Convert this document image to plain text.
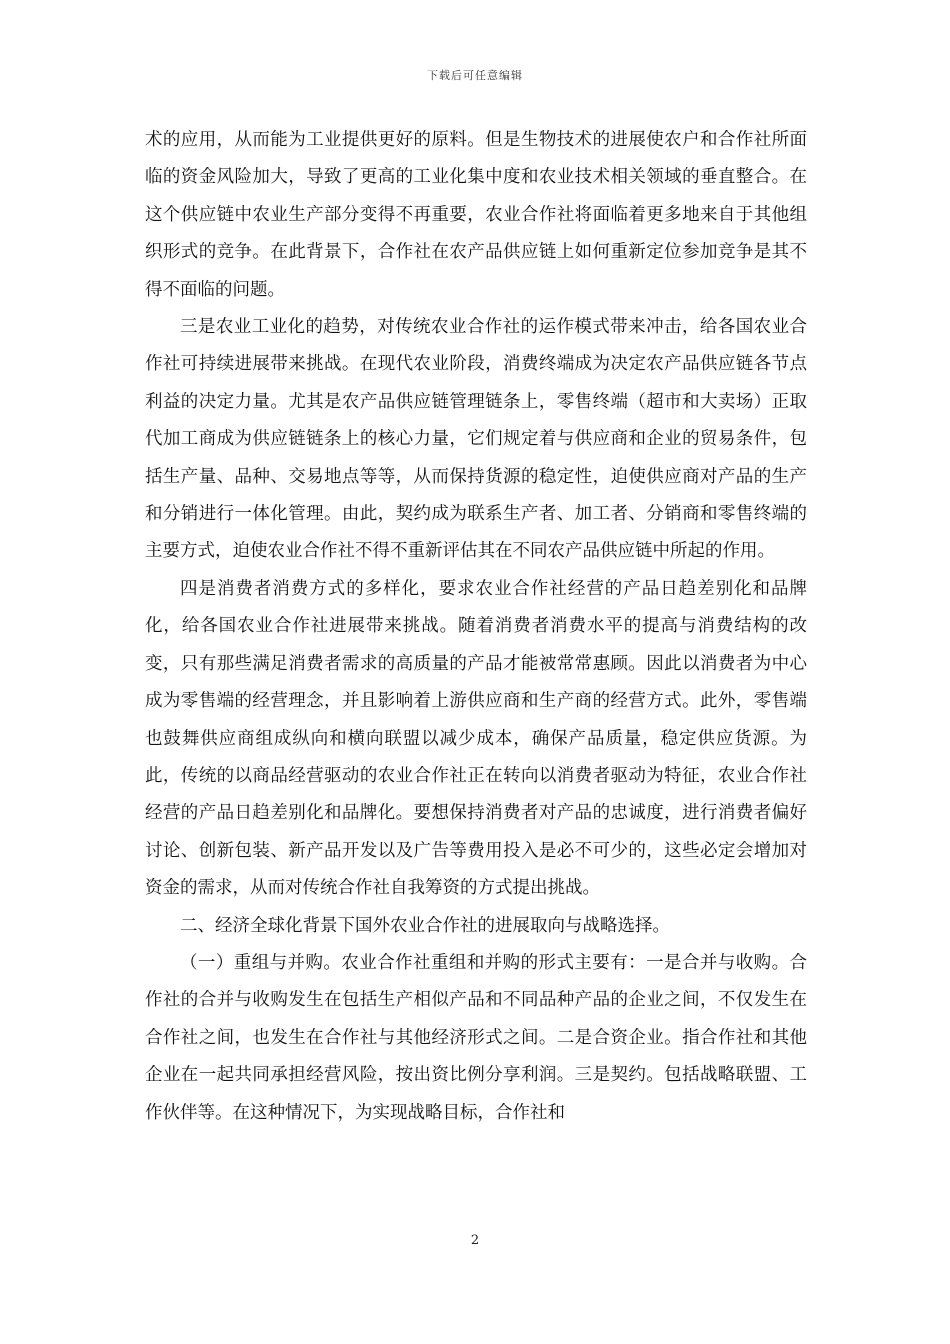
下载后可任意编辑

术的应用，从而能为工业提供更好的原料。但是生物技术的进展使农户和合作社所面临的资金风险加大，导致了更高的工业化集中度和农业技术相关领域的垂直整合。在这个供应链中农业生产部分变得不再重要，农业合作社将面临着更多地来自于其他组织形式的竞争。在此背景下，合作社在农产品供应链上如何重新定位参加竞争是其不得不面临的问题。

三是农业工业化的趋势，对传统农业合作社的运作模式带来冲击，给各国农业合作社可持续进展带来挑战。在现代农业阶段，消费终端成为决定农产品供应链各节点利益的决定力量。尤其是农产品供应链管理链条上，零售终端（超市和大卖场）正取代加工商成为供应链链条上的核心力量，它们规定着与供应商和企业的贸易条件，包括生产量、品种、交易地点等等，从而保持货源的稳定性，迫使供应商对产品的生产和分销进行一体化管理。由此，契约成为联系生产者、加工者、分销商和零售终端的主要方式，迫使农业合作社不得不重新评估其在不同农产品供应链中所起的作用。

四是消费者消费方式的多样化，要求农业合作社经营的产品日趋差别化和品牌化，给各国农业合作社进展带来挑战。随着消费者消费水平的提高与消费结构的改变，只有那些满足消费者需求的高质量的产品才能被常常惠顾。因此以消费者为中心成为零售端的经营理念，并且影响着上游供应商和生产商的经营方式。此外，零售端也鼓舞供应商组成纵向和横向联盟以减少成本，确保产品质量，稳定供应货源。为此，传统的以商品经营驱动的农业合作社正在转向以消费者驱动为特征，农业合作社经营的产品日趋差别化和品牌化。要想保持消费者对产品的忠诚度，进行消费者偏好讨论、创新包装、新产品开发以及广告等费用投入是必不可少的，这些必定会增加对资金的需求，从而对传统合作社自我筹资的方式提出挑战。

二、经济全球化背景下国外农业合作社的进展取向与战略选择。

（一）重组与并购。农业合作社重组和并购的形式主要有：一是合并与收购。合作社的合并与收购发生在包括生产相似产品和不同品种产品的企业之间，不仅发生在合作社之间，也发生在合作社与其他经济形式之间。二是合资企业。指合作社和其他企业在一起共同承担经营风险，按出资比例分享利润。三是契约。包括战略联盟、工作伙伴等。在这种情况下，为实现战略目标，合作社和

2
